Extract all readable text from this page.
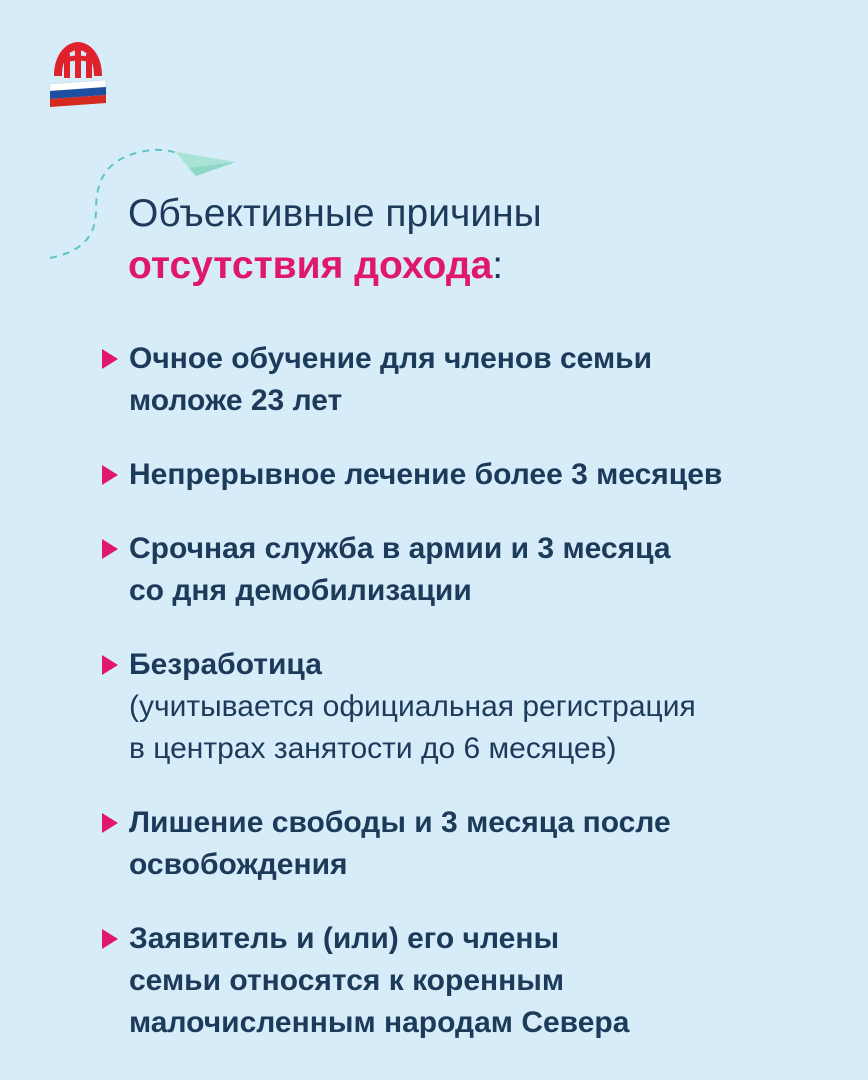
Объективные причины
отсутствия дохода:
Очное обучение для членов семьи
моложе 23 лет
Непрерывное лечение более 3 месяцев
Срочная служба в армии и 3 месяца
со дня демобилизации
Безработица
(учитывается официальная регистрация
в центрах занятости до 6 месяцев)
Лишение свободы и 3 месяца после
освобождения
Заявитель и (или) его члены
семьи относятся к коренным
малочисленным народам Севера
